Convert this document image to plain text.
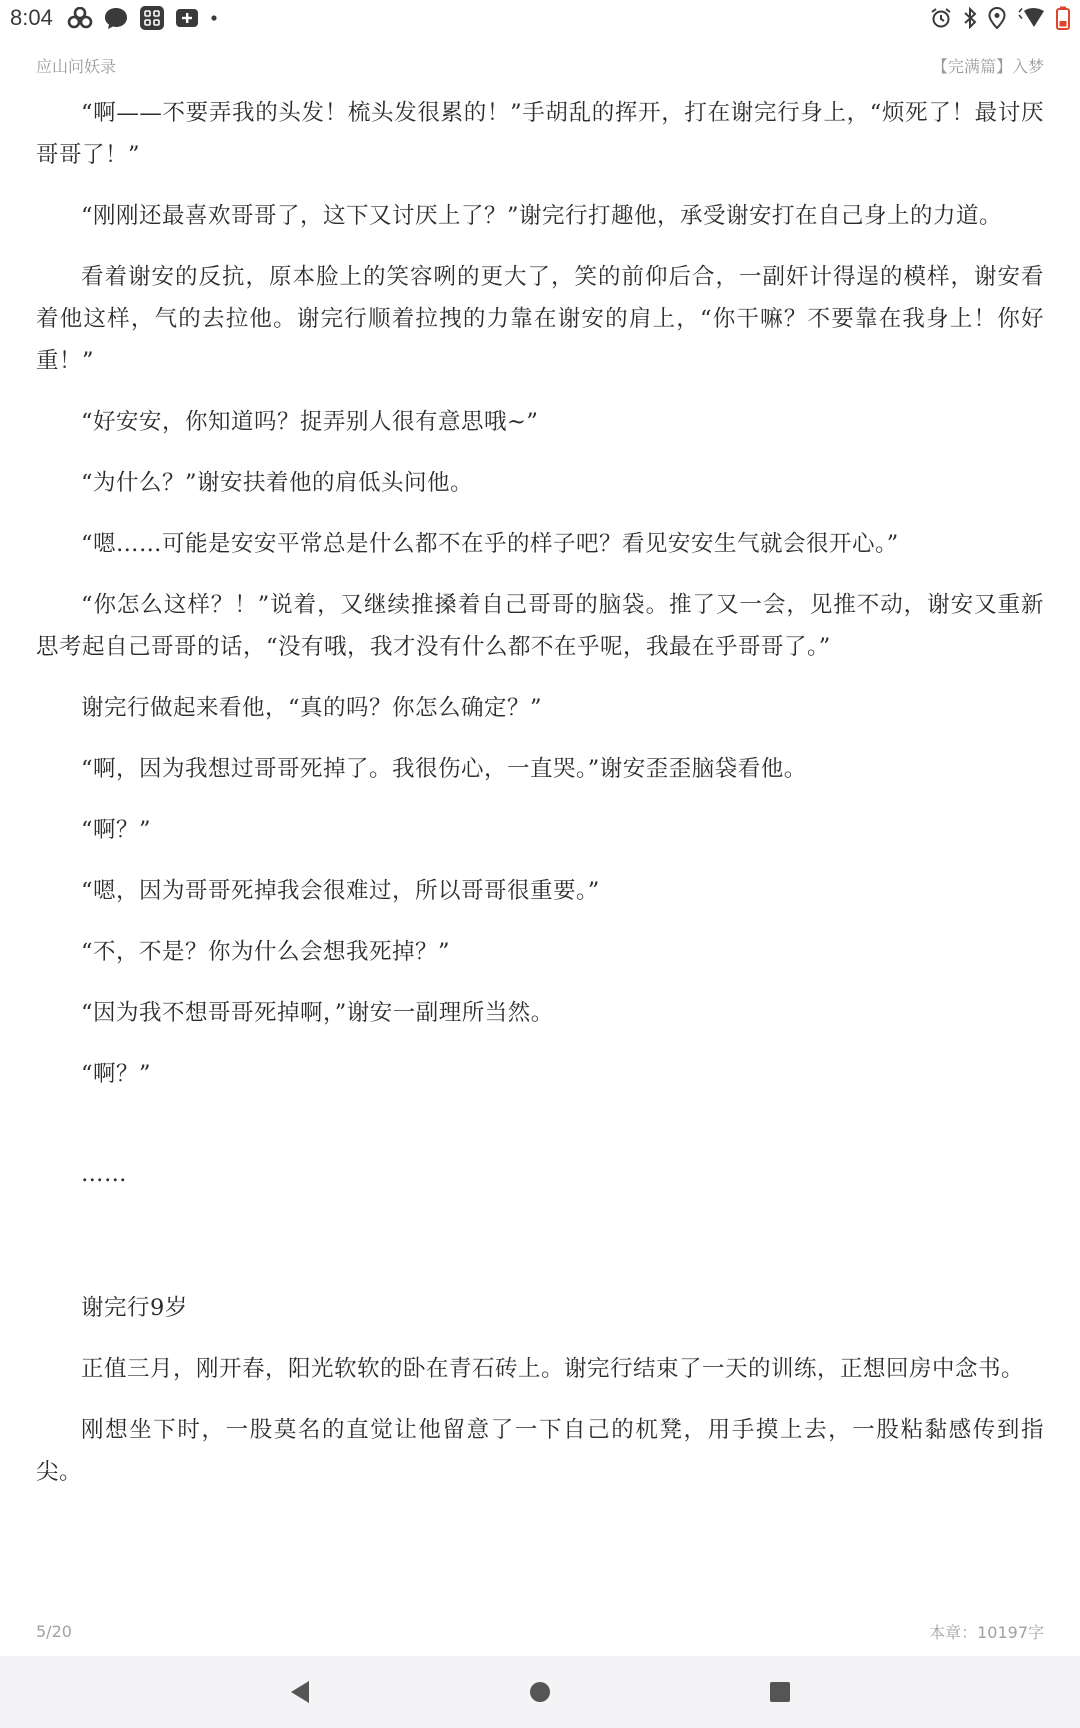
8:04
应山问妖录	【完满篇】入梦

“啊——不要弄我的头发！梳头发很累的！”手胡乱的挥开，打在谢完行身上，“烦死了！最讨厌哥哥了！”

“刚刚还最喜欢哥哥了，这下又讨厌上了？”谢完行打趣他，承受谢安打在自己身上的力道。

看着谢安的反抗，原本脸上的笑容咧的更大了，笑的前仰后合，一副奸计得逞的模样，谢安看着他这样，气的去拉他。谢完行顺着拉拽的力靠在谢安的肩上，“你干嘛？不要靠在我身上！你好重！”

“好安安，你知道吗？捉弄别人很有意思哦~”

“为什么？”谢安扶着他的肩低头问他。

“嗯……可能是安安平常总是什么都不在乎的样子吧？看见安安生气就会很开心。”

“你怎么这样？！”说着，又继续推搡着自己哥哥的脑袋。推了又一会，见推不动，谢安又重新思考起自己哥哥的话，“没有哦，我才没有什么都不在乎呢，我最在乎哥哥了。”

谢完行做起来看他，“真的吗？你怎么确定？”

“啊，因为我想过哥哥死掉了。我很伤心，一直哭。”谢安歪歪脑袋看他。

“啊？”

“嗯，因为哥哥死掉我会很难过，所以哥哥很重要。”

“不，不是？你为什么会想我死掉？”

“因为我不想哥哥死掉啊，”谢安一副理所当然。

“啊？”

……

谢完行9岁

正值三月，刚开春，阳光软软的卧在青石砖上。谢完行结束了一天的训练，正想回房中念书。

刚想坐下时，一股莫名的直觉让他留意了一下自己的杌凳，用手摸上去，一股粘黏感传到指尖。

5/20	本章：10197字
